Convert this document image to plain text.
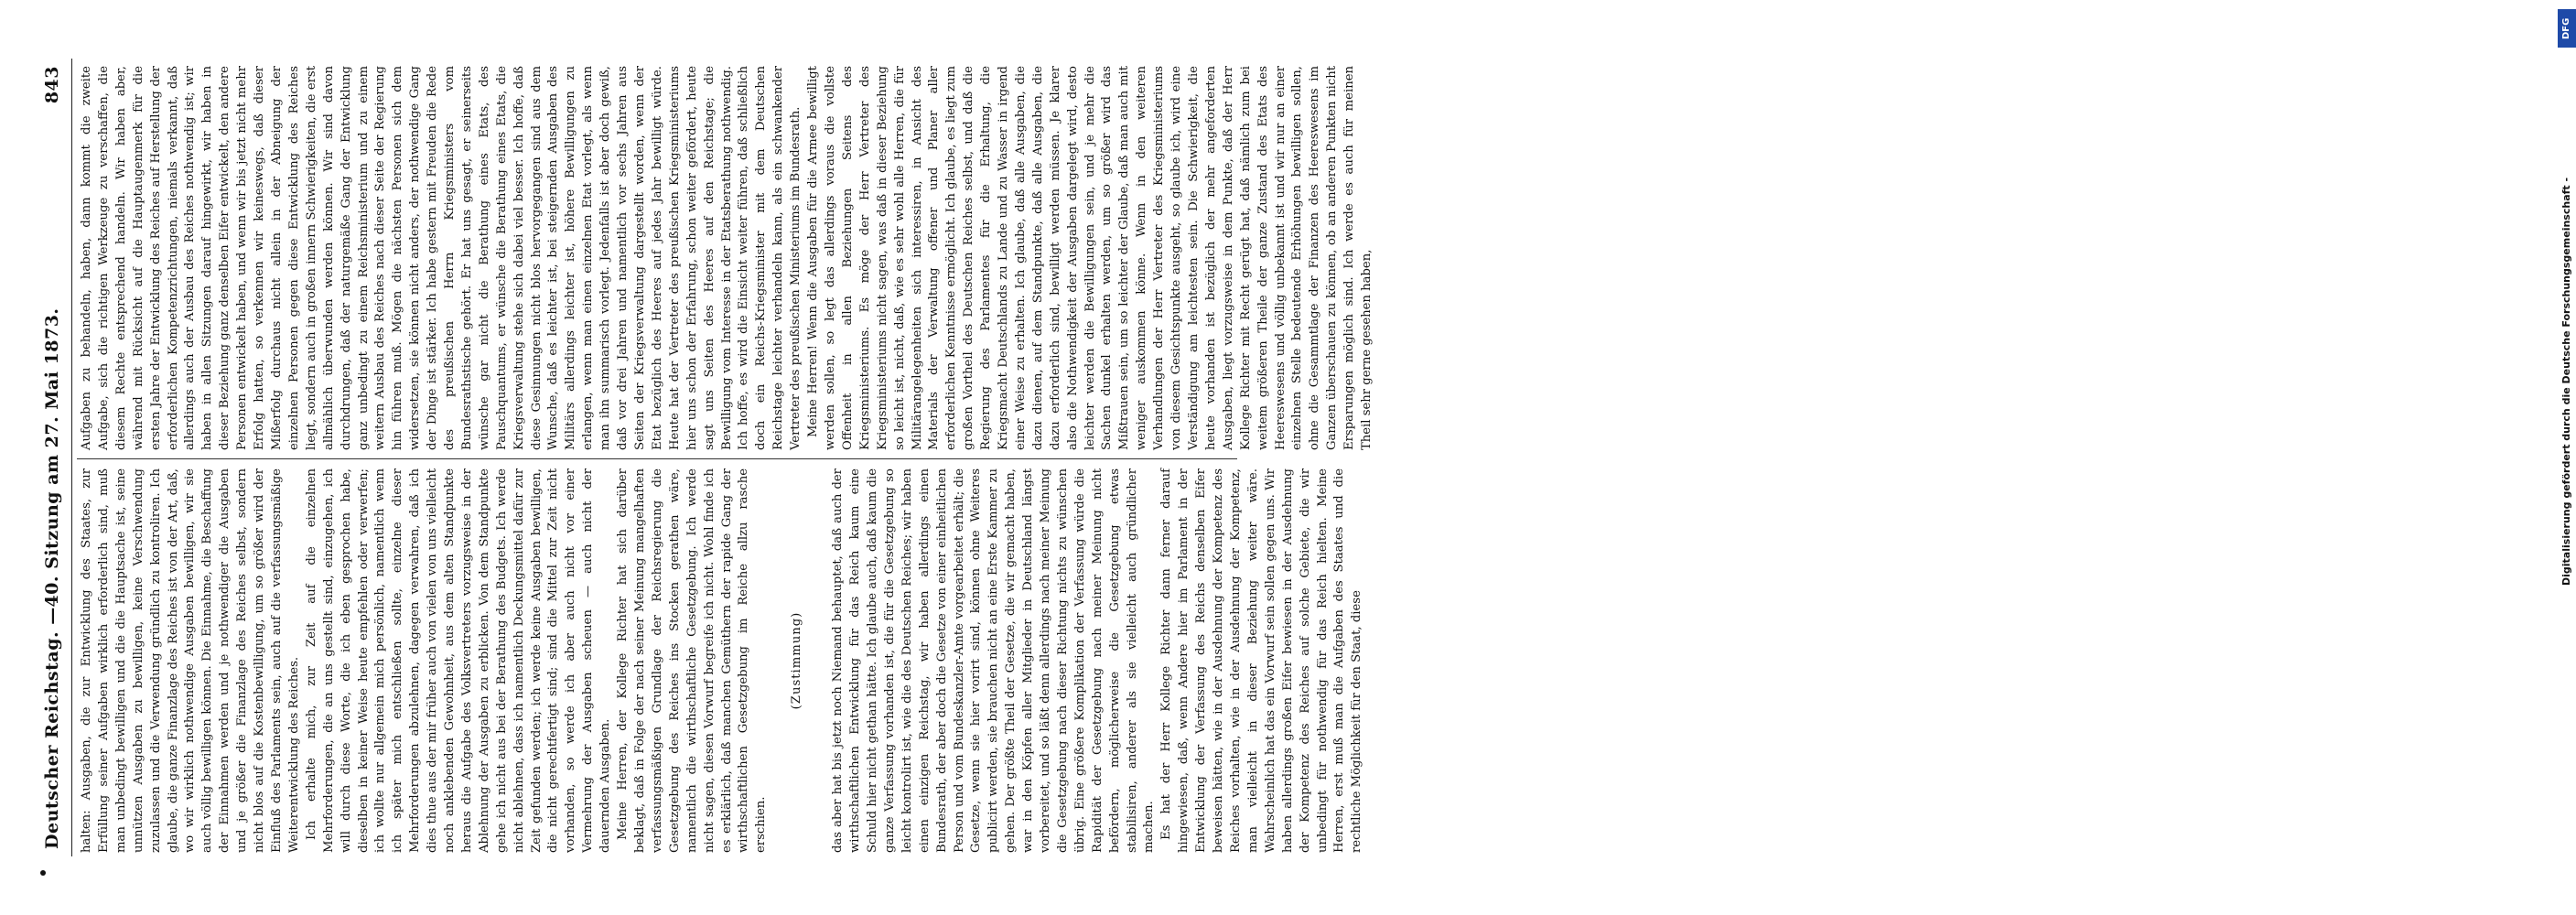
Deutscher Reichstag. —
40. Sitzung am 27. Mai 1873.
843

halten: Ausgaben, die zur Entwicklung des Staates, zur Erfüllung seiner Aufgaben wirklich erforderlich sind, muß man unbedingt bewilligen und die die Hauptsache ist, seine unnützen Ausgaben zu bewilligen, keine Verschwendung zuzulassen und die Verwendung gründlich zu kontroliren. Ich glaube, die ganze Finanzlage des Reiches ist von der Art, daß, wo wir wirklich nothwendige Ausgaben bewilligen, wir sie auch völlig bewilligen können. Die Einnahme, die Beschaffung der Einnahmen werden und je nothwendiger die Ausgaben und je größer die Finanzlage des Reiches selbst, sondern nicht blos auf die Kostenbewilligung, um so größer wird der Einfluß des Parlaments sein, auch auf die verfassungsmäßige Weiterentwicklung des Reiches. Ich erhalte mich, zur Zeit auf die einzelnen Mehrforderungen, die an uns gestellt sind, einzugehen, ich will durch diese Worte, die ich eben gesprochen habe, dieselben in keiner Weise heute empfehlen oder verwerfen; ich wollte nur allgemein mich persönlich, namentlich wenn ich später mich entschließen sollte, einzelne dieser Mehrforderungen abzulehnen, dagegen verwahren, daß ich dies thue aus der mir früher auch von vielen von uns vielleicht noch anklebenden Gewohnheit, aus dem alten Standpunkte heraus die Aufgabe des Volksvertreters vorzugsweise in der Ablehnung der Ausgaben zu erblicken. Von dem Standpunkte gehe ich nicht aus bei der Berathung des Budgets. Ich werde nicht ablehnen, dass ich namentlich Deckungsmittel dafür zur Zeit gefunden werden; ich werde keine Ausgaben bewilligen, die nicht gerechtfertigt sind; sind die Mittel zur Zeit nicht vorhanden, so werde ich aber auch nicht vor einer Vermehrung der Ausgaben scheuen — auch nicht der dauernden Ausgaben. Meine Herren, der Kollege Richter hat sich darüber beklagt, daß in Folge der nach seiner Meinung mangelhaften verfassungsmäßigen Grundlage der Reichsregierung die Gesetzgebung des Reiches ins Stocken gerathen wäre, namentlich die wirthschaftliche Gesetzgebung. Ich werde nicht sagen, diesen Vorwurf begreife ich nicht. Wohl finde ich es erklärlich, daß manchen Gemüthern der rapide Gang der wirthschaftlichen Gesetzgebung im Reiche allzu rasche erschien.

(Zustimmung) das aber hat bis jetzt noch Niemand behauptet, daß auch der wirthschaftlichen Entwicklung für das Reich kaum eine Schuld hier nicht gethan hätte. Ich glaube auch, daß kaum die ganze Verfassung vorhanden ist, die für die Gesetzgebung so leicht kontrolirt ist, wie die des Deutschen Reiches; wir haben einen einzigen Reichstag, wir haben allerdings einen Bundesrath, der aber doch die Gesetze von einer einheitlichen Person und vom Bundeskanzler-Amte vorgearbeitet erhält; die Gesetze, wenn sie hier vorirt sind, können ohne Weiteres publicirt werden, sie brauchen nicht an eine Erste Kammer zu gehen. Der größte Theil der Gesetze, die wir gemacht haben, war in den Köpfen aller Mitglieder in Deutschland längst vorbereitet, und so läßt denn allerdings nach meiner Meinung die Gesetzgebung nach dieser Richtung nichts zu wünschen übrig. Eine größere Komplikation der Verfassung würde die Rapidität der Gesetzgebung nach meiner Meinung nicht befördern, möglicherweise die Gesetzgebung etwas stabilisiren, anderer als sie vielleicht auch gründlicher machen. Es hat der Herr Kollege Richter dann ferner darauf hingewiesen, daß, wenn Andere hier im Parlament in der Entwicklung der Verfassung des Reichs denselben Eifer beweisen hätten, wie in der Ausdehnung der Kompetenz des Reiches vorhalten, wie in der Ausdehnung der Kompetenz, man vielleicht in dieser Beziehung weiter wäre. Wahrscheinlich hat das ein Vorwurf sein sollen gegen uns. Wir haben allerdings großen Eifer bewiesen in der Ausdehnung der Kompetenz des Reiches auf solche Gebiete, die wir unbedingt für nothwendig für das Reich hielten. Meine Herren, erst muß man die Aufgaben des Staates und die rechtliche Möglichkeit für den Staat, diese

Aufgaben zu behandeln, haben, dann kommt die zweite Aufgabe, sich die richtigen Werkzeuge zu verschaffen, die diesem Rechte entsprechend handeln. Wir haben aber, während mit Rücksicht auf die Hauptaugenmerk für die ersten Jahre der Entwicklung des Reiches auf Herstellung der erforderlichen Kompetenzrichtungen, niemals verkannt, daß allerdings auch der Ausbau des Reiches nothwendig ist; wir haben in allen Sitzungen darauf hingewirkt, wir haben in dieser Beziehung ganz denselben Eifer entwickelt, den andere Personen entwickelt haben, und wenn wir bis jetzt nicht mehr Erfolg hatten, so verkennen wir keineswegs, daß dieser Mißerfolg durchaus nicht allein in der Abneigung der einzelnen Personen gegen diese Entwicklung des Reiches liegt, sondern auch in großen innern Schwierigkeiten, die erst allmählich überwunden werden können. Wir sind davon durchdrungen, daß der naturgemäße Gang der Entwicklung ganz unbedingt zu einem Reichsministerium und zu einem weitern Ausbau des Reiches nach dieser Seite der Regierung hin führen muß. Mögen die nächsten Personen sich dem widersetzen, sie können nicht anders, der nothwendige Gang der Dinge ist stärker. Ich habe gestern mit Freuden die Rede des preußischen Herrn Kriegsministers vom Bundesrathstische gehört. Er hat uns gesagt, er seinerseits wünsche gar nicht die Berathung eines Etats, des Pauschquantums, er wünsche die Berathung eines Etats, die Kriegsverwaltung stehe sich dabei viel besser. Ich hoffe, daß diese Gesinnungen nicht blos hervorgegangen sind aus dem Wunsche, daß es leichter ist, bei steigernden Ausgaben des Militärs allerdings leichter ist, höhere Bewilligungen zu erlangen, wenn man einen einzelnen Etat vorlegt, als wenn man ihn summarisch vorlegt. Jedenfalls ist aber doch gewiß, daß vor drei Jahren und namentlich vor sechs Jahren aus Seiten der Kriegsverwaltung dargestellt worden, wenn der Etat bezüglich des Heeres auf jedes Jahr bewilligt würde. Heute hat der Vertreter des preußischen Kriegsministeriums hier uns schon der Erfahrung, schon weiter gefördert, heute sagt uns Seiten des Heeres auf den Reichstage; die Bewilligung vom Interesse in der Etatsberathung nothwendig. Ich hoffe, es wird die Einsicht weiter führen, daß schließlich doch ein Reichs-Kriegsminister mit dem Deutschen Reichstage leichter verhandeln kann, als ein schwankender Vertreter des preußischen Ministeriums im Bundesrath. Meine Herren! Wenn die Ausgaben für die Armee bewilligt werden sollen, so legt das allerdings voraus die vollste Offenheit in allen Beziehungen Seitens des Kriegsministeriums. Es möge der Herr Vertreter des Kriegsministeriums nicht sagen, was daß in dieser Beziehung so leicht ist, nicht, daß, wie es sehr wohl alle Herren, die für Militärangelegenheiten sich interessiren, in Ansicht des Materials der Verwaltung offener und Planer aller erforderlichen Kenntnisse ermöglicht. Ich glaube, es liegt zum großen Vortheil des Deutschen Reiches selbst, und daß die Regierung des Parlamentes für die Erhaltung, die Kriegsmacht Deutschlands zu Lande und zu Wasser in irgend einer Weise zu erhalten. Ich glaube, daß alle Ausgaben, die dazu dienen, auf dem Standpunkte, daß alle Ausgaben, die dazu erforderlich sind, bewilligt werden müssen. Je klarer also die Nothwendigkeit der Ausgaben dargelegt wird, desto leichter werden die Bewilligungen sein, und je mehr die Sachen dunkel erhalten werden, um so größer wird das Mißtrauen sein, um so leichter der Glaube, daß man auch mit weniger auskommen könne. Wenn in den weiteren Verhandlungen der Herr Vertreter des Kriegsministeriums von diesem Gesichtspunkte ausgeht, so glaube ich, wird eine Verständigung am leichtesten sein. Die Schwierigkeit, die heute vorhanden ist bezüglich der mehr angeforderten Ausgaben, liegt vorzugsweise in dem Punkte, daß der Herr Kollege Richter mit Recht gerügt hat, daß nämlich zum bei weitem größeren Theile der ganze Zustand des Etats des Heereswesens und völlig unbekannt ist und wir nur an einer einzelnen Stelle bedeutende Erhöhungen bewilligen sollen, ohne die Gesammtlage der Finanzen des Heereswesens im Ganzen überschauen zu können, ob an anderen Punkten nicht Ersparungen möglich sind. Ich werde es auch für meinen Theil sehr gerne gesehen haben,

DFG
Digitalisierung gefördert durch die Deutsche Forschungsgemeinschaft -
